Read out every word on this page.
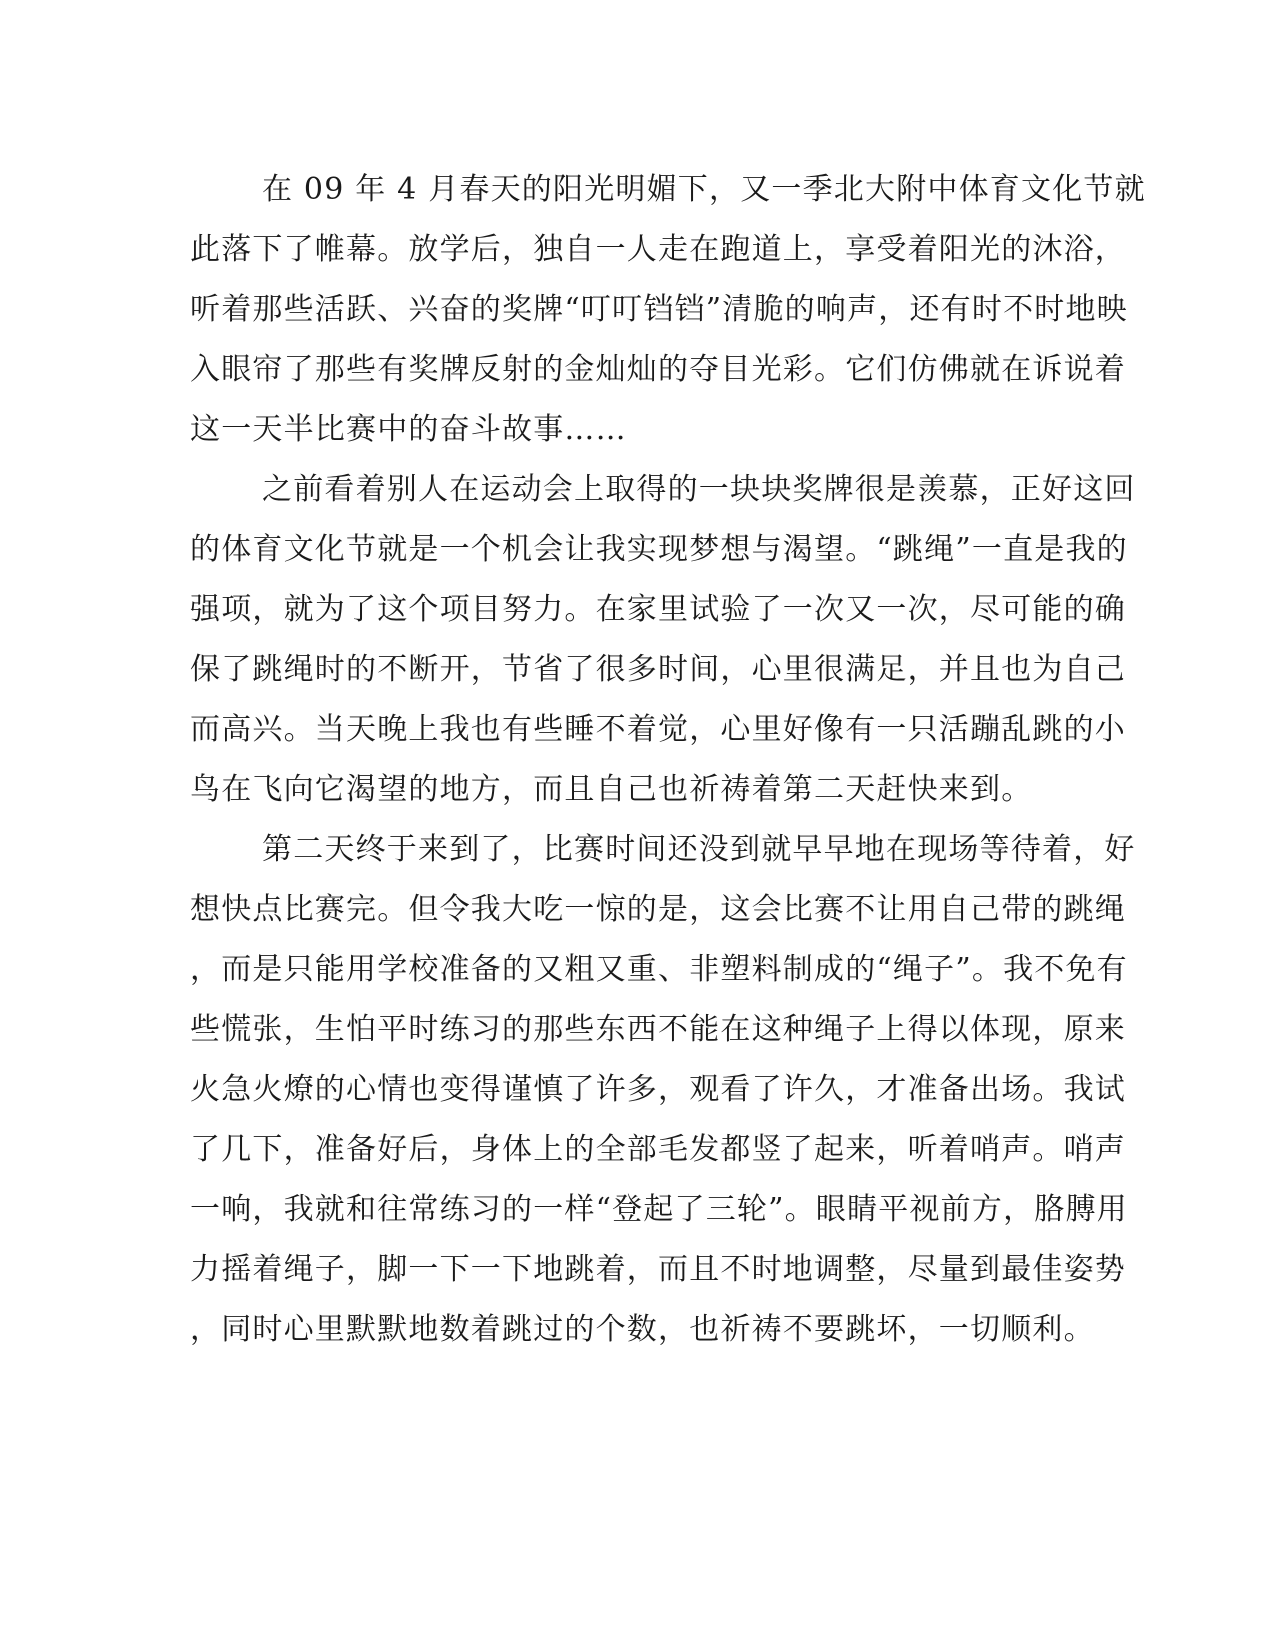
在 09 年 4 月春天的阳光明媚下，又一季北大附中体育文化节就
此落下了帷幕。放学后，独自一人走在跑道上，享受着阳光的沐浴，
听着那些活跃、兴奋的奖牌“叮叮铛铛”清脆的响声，还有时不时地映
入眼帘了那些有奖牌反射的金灿灿的夺目光彩。它们仿佛就在诉说着
这一天半比赛中的奋斗故事……
之前看着别人在运动会上取得的一块块奖牌很是羡慕，正好这回
的体育文化节就是一个机会让我实现梦想与渴望。“跳绳”一直是我的
强项，就为了这个项目努力。在家里试验了一次又一次，尽可能的确
保了跳绳时的不断开，节省了很多时间，心里很满足，并且也为自己
而高兴。当天晚上我也有些睡不着觉，心里好像有一只活蹦乱跳的小
鸟在飞向它渴望的地方，而且自己也祈祷着第二天赶快来到。
第二天终于来到了，比赛时间还没到就早早地在现场等待着，好
想快点比赛完。但令我大吃一惊的是，这会比赛不让用自己带的跳绳
，而是只能用学校准备的又粗又重、非塑料制成的“绳子”。我不免有
些慌张，生怕平时练习的那些东西不能在这种绳子上得以体现，原来
火急火燎的心情也变得谨慎了许多，观看了许久，才准备出场。我试
了几下，准备好后，身体上的全部毛发都竖了起来，听着哨声。哨声
一响，我就和往常练习的一样“登起了三轮”。眼睛平视前方，胳膊用
力摇着绳子，脚一下一下地跳着，而且不时地调整，尽量到最佳姿势
，同时心里默默地数着跳过的个数，也祈祷不要跳坏，一切顺利。
